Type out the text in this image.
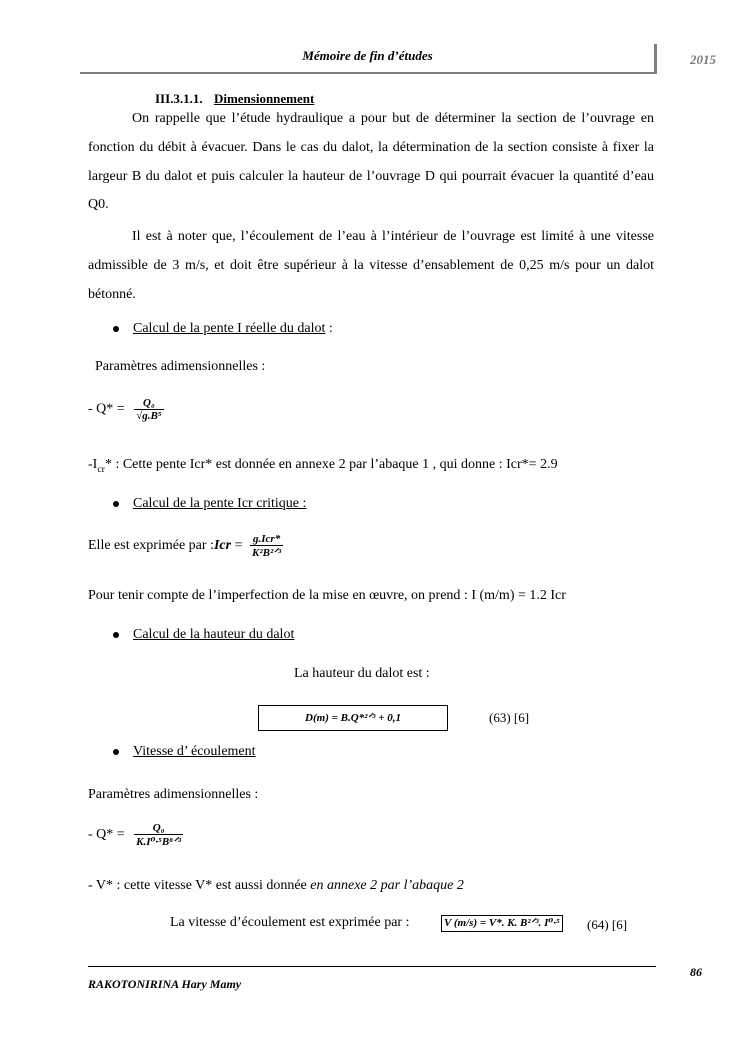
Mémoire de fin d’études	2015
III.3.1.1. Dimensionnement
On rappelle que l’étude hydraulique a pour but de déterminer la section de l’ouvrage en fonction du débit à évacuer. Dans le cas du dalot, la détermination de la section consiste à fixer la largeur B du dalot et puis calculer la hauteur de l’ouvrage D qui pourrait évacuer la quantité d’eau Q0.
Il est à noter que, l’écoulement de l’eau à l’intérieur de l’ouvrage est limité à une vitesse admissible de 3 m/s, et doit être supérieur à la vitesse d’ensablement de 0,25 m/s pour un dalot bétonné.
Calcul de la pente I réelle du dalot :
Paramètres adimensionnelles :
- $Q* = \frac{\text{Q₀}}{\text{√g.B⁵}}$
$-I_{cr}*$ : Cette pente Icr* est donnée en annexe 2 par l’abaque 1 , qui donne : Icr*= 2.9
Calcul de la pente Icr critique :
Elle est exprimée par :Icr = $\frac{\text{g.Icr*}}{\text{K²B²ᐟ³}}$
Pour tenir compte de l’imperfection de la mise en œuvre, on prend : I (m/m) = 1.2 Icr
Calcul de la hauteur du dalot
La hauteur du dalot est :
D(m) = B.Q*²ᐟ³ + 0,1	(63) [6]
Vitesse d’ écoulement
Paramètres adimensionnelles :
- $Q* = \frac{\text{Q₀}}{\text{K.I⁰·⁵B⁸ᐟ³}}$
- V* : cette vitesse V* est aussi donnée en annexe 2 par l’abaque 2
La vitesse d’écoulement est exprimée par :	V (m/s) = V*. K. B²ᐟ³. I⁰·⁵ (64) [6]
86
RAKOTONIRINA Hary Mamy
